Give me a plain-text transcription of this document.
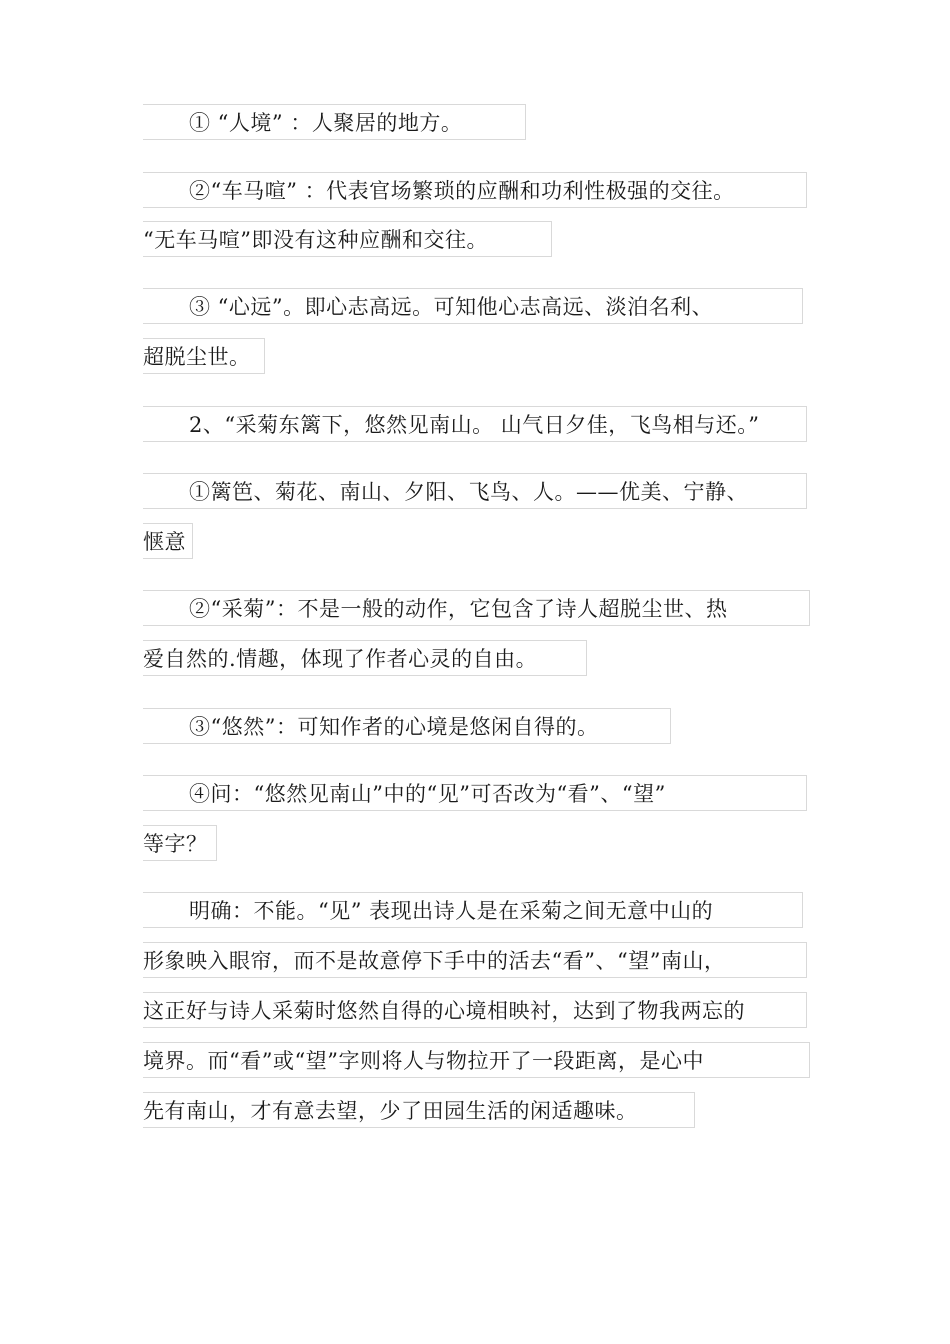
① “人境” ：人聚居的地方。
②“车马喧” ：代表官场繁琐的应酬和功利性极强的交往。
“无车马喧”即没有这种应酬和交往。
③ “心远”。即心志高远。可知他心志高远、淡泊名利、
超脱尘世。
2、“采菊东篱下，悠然见南山。 山气日夕佳，飞鸟相与还。”
①篱笆、菊花、南山、夕阳、飞鸟、人。——优美、宁静、
惬意
②“采菊”：不是一般的动作，它包含了诗人超脱尘世、热
爱自然的.情趣，体现了作者心灵的自由。
③“悠然”：可知作者的心境是悠闲自得的。
④问：“悠然见南山”中的“见”可否改为“看”、“望”
等字？
明确：不能。“见” 表现出诗人是在采菊之间无意中山的
形象映入眼帘，而不是故意停下手中的活去“看”、“望”南山，
这正好与诗人采菊时悠然自得的心境相映衬，达到了物我两忘的
境界。而“看”或“望”字则将人与物拉开了一段距离，是心中
先有南山，才有意去望，少了田园生活的闲适趣味。
